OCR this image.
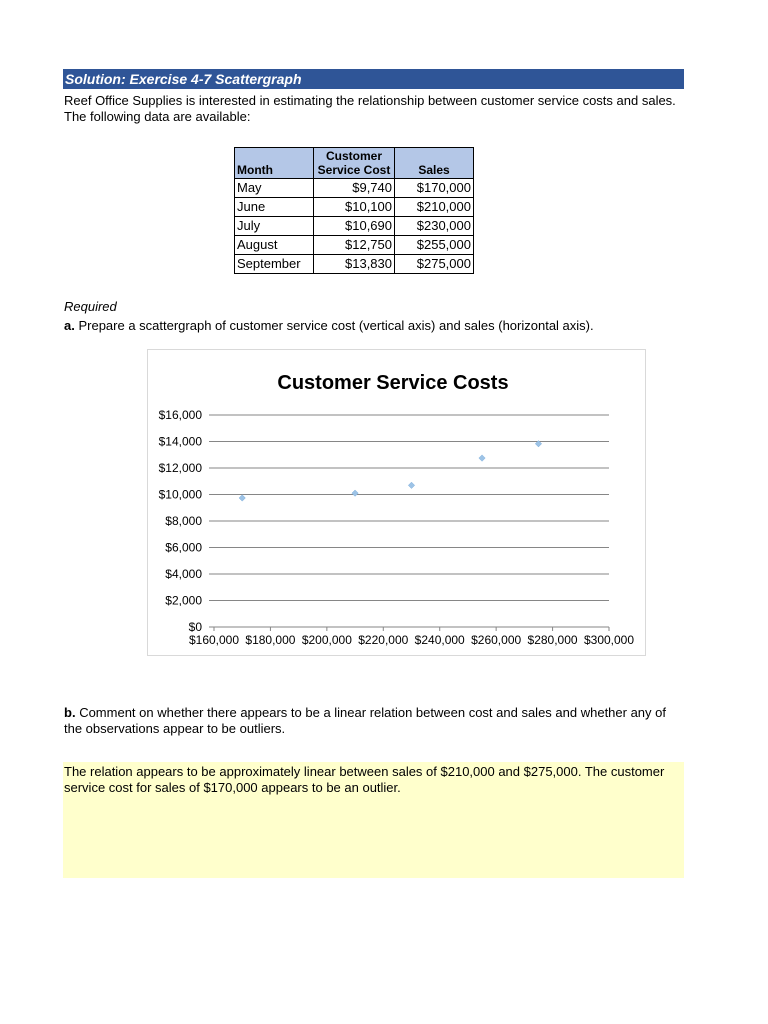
Solution: Exercise 4-7 Scattergraph
Reef Office Supplies is interested in estimating the relationship between customer service costs and sales. The following data are available:
Month	Customer Service Cost	Sales
May	$9,740	$170,000
June	$10,100	$210,000
July	$10,690	$230,000
August	$12,750	$255,000
September	$13,830	$275,000
Required
a. Prepare a scattergraph of customer service cost (vertical axis) and sales (horizontal axis).
Customer Service Costs
$0
$2,000
$4,000
$6,000
$8,000
$10,000
$12,000
$14,000
$16,000
$160,000 $180,000 $200,000 $220,000 $240,000 $260,000 $280,000 $300,000
b. Comment on whether there appears to be a linear relation between cost and sales and whether any of the observations appear to be outliers.
The relation appears to be approximately linear between sales of $210,000 and $275,000. The customer service cost for sales of $170,000 appears to be an outlier.
